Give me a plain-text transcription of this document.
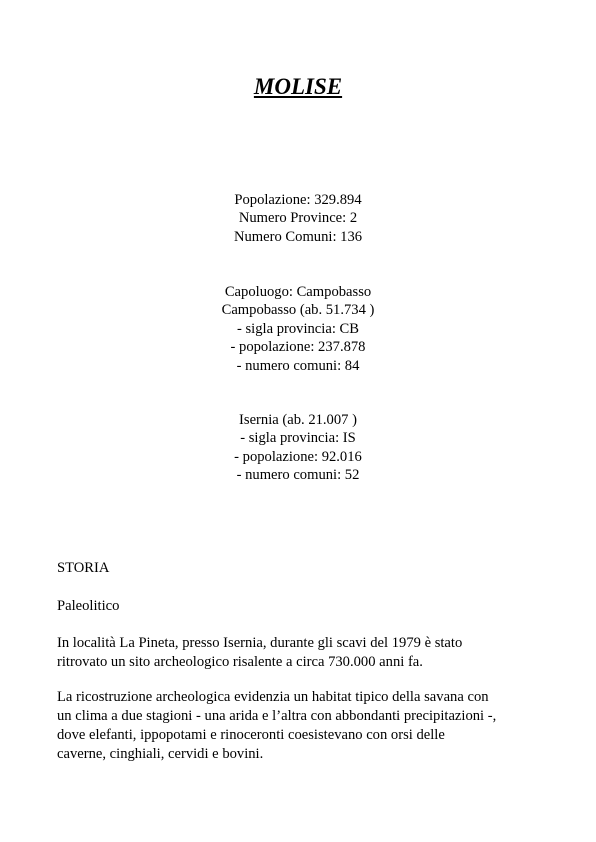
MOLISE
Popolazione: 329.894
Numero Province: 2
Numero Comuni: 136
Capoluogo: Campobasso
Campobasso (ab. 51.734 )
- sigla provincia: CB
- popolazione: 237.878
- numero comuni: 84
Isernia (ab. 21.007 )
- sigla provincia: IS
- popolazione: 92.016
- numero comuni: 52
STORIA
Paleolitico
In località La Pineta, presso Isernia, durante gli scavi del 1979 è stato
ritrovato un sito archeologico risalente a circa 730.000 anni fa.
La ricostruzione archeologica evidenzia un habitat tipico della savana con
un clima a due stagioni - una arida e l’altra con abbondanti precipitazioni -,
dove elefanti, ippopotami e rinoceronti coesistevano con orsi delle
caverne, cinghiali, cervidi e bovini.
